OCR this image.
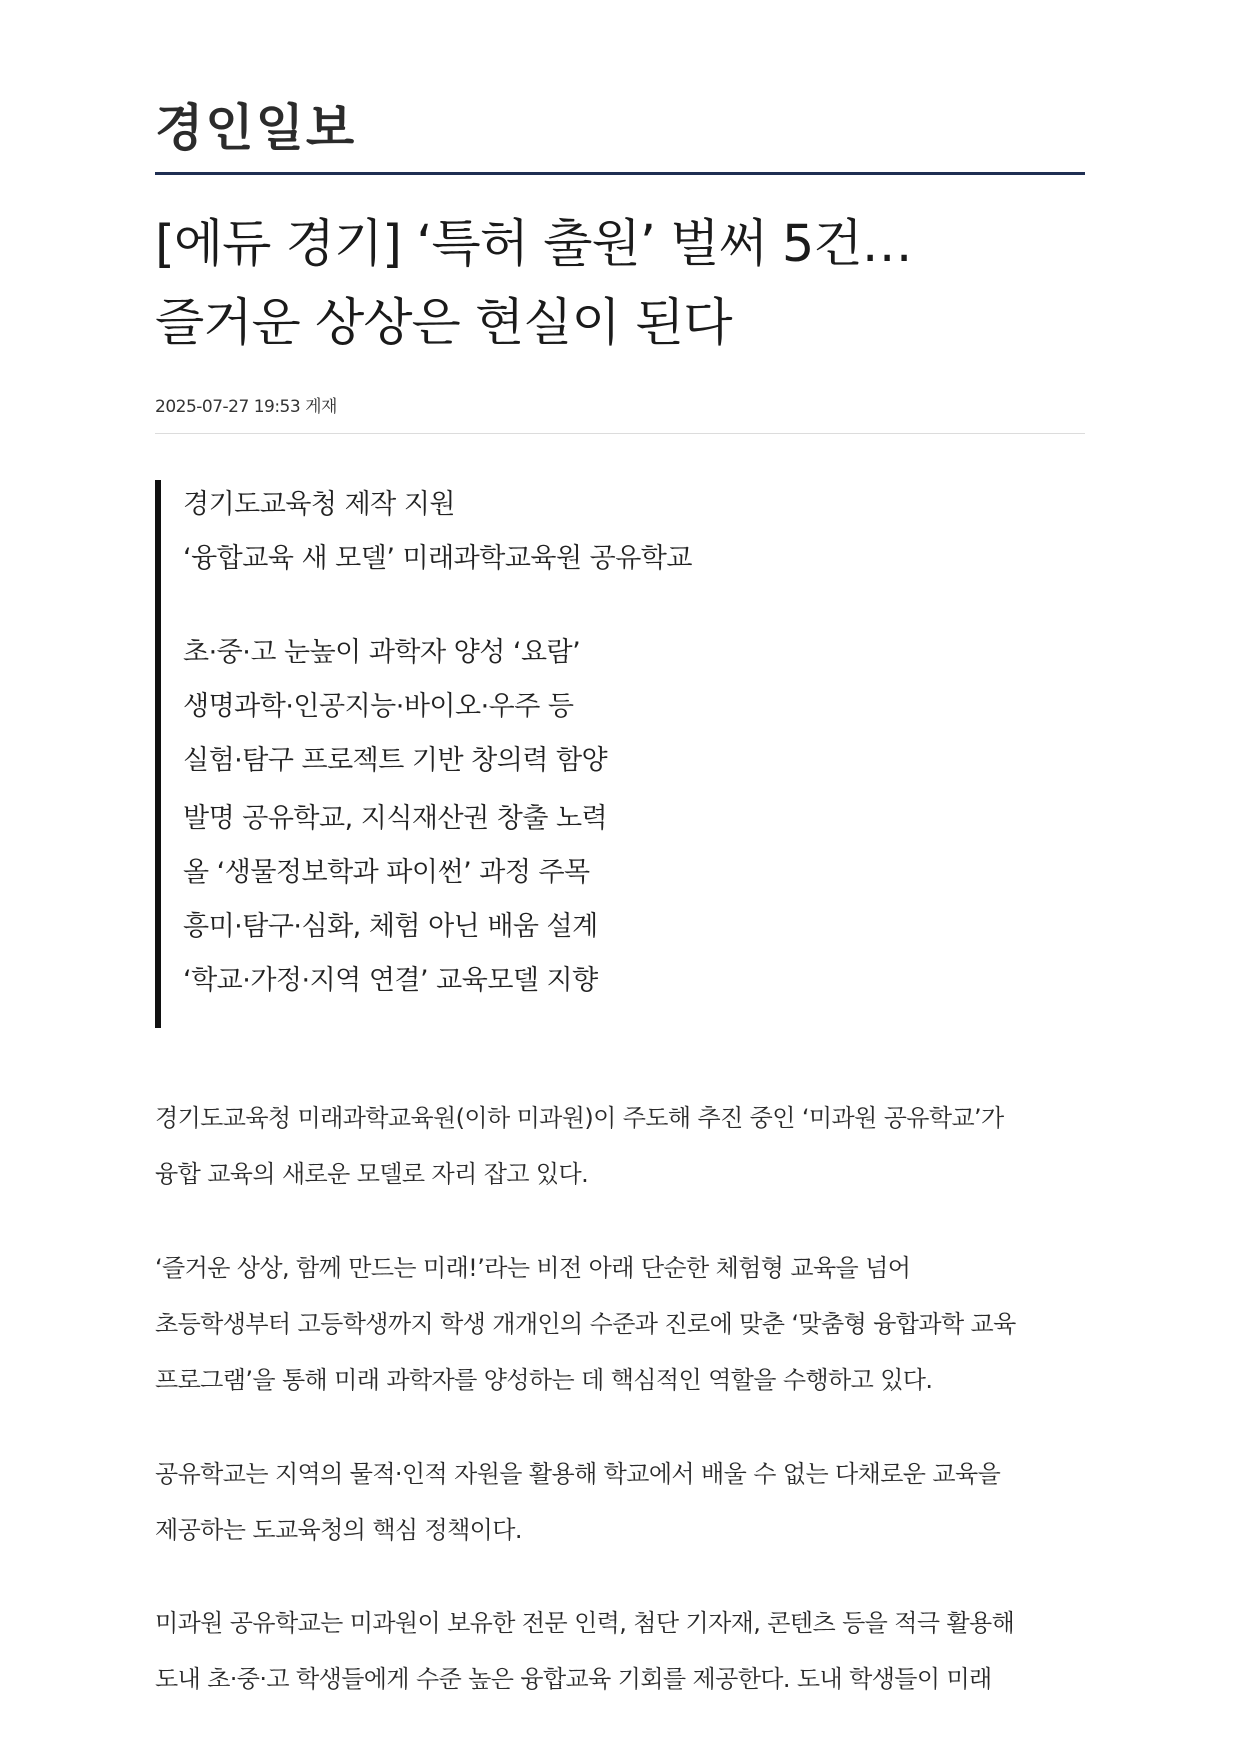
경인일보
[에듀 경기] ‘특허 출원’ 벌써 5건…
즐거운 상상은 현실이 된다
2025-07-27 19:53 게재
경기도교육청 제작 지원
‘융합교육 새 모델’ 미래과학교육원 공유학교
초·중·고 눈높이 과학자 양성 ‘요람’
생명과학·인공지능·바이오·우주 등
실험·탐구 프로젝트 기반 창의력 함양
발명 공유학교, 지식재산권 창출 노력
올 ‘생물정보학과 파이썬’ 과정 주목
흥미·탐구·심화, 체험 아닌 배움 설계
‘학교·가정·지역 연결’ 교육모델 지향
경기도교육청 미래과학교육원(이하 미과원)이 주도해 추진 중인 ‘미과원 공유학교’가
융합 교육의 새로운 모델로 자리 잡고 있다.
‘즐거운 상상, 함께 만드는 미래!’라는 비전 아래 단순한 체험형 교육을 넘어
초등학생부터 고등학생까지 학생 개개인의 수준과 진로에 맞춘 ‘맞춤형 융합과학 교육
프로그램’을 통해 미래 과학자를 양성하는 데 핵심적인 역할을 수행하고 있다.
공유학교는 지역의 물적·인적 자원을 활용해 학교에서 배울 수 없는 다채로운 교육을
제공하는 도교육청의 핵심 정책이다.
미과원 공유학교는 미과원이 보유한 전문 인력, 첨단 기자재, 콘텐츠 등을 적극 활용해
도내 초·중·고 학생들에게 수준 높은 융합교육 기회를 제공한다. 도내 학생들이 미래
